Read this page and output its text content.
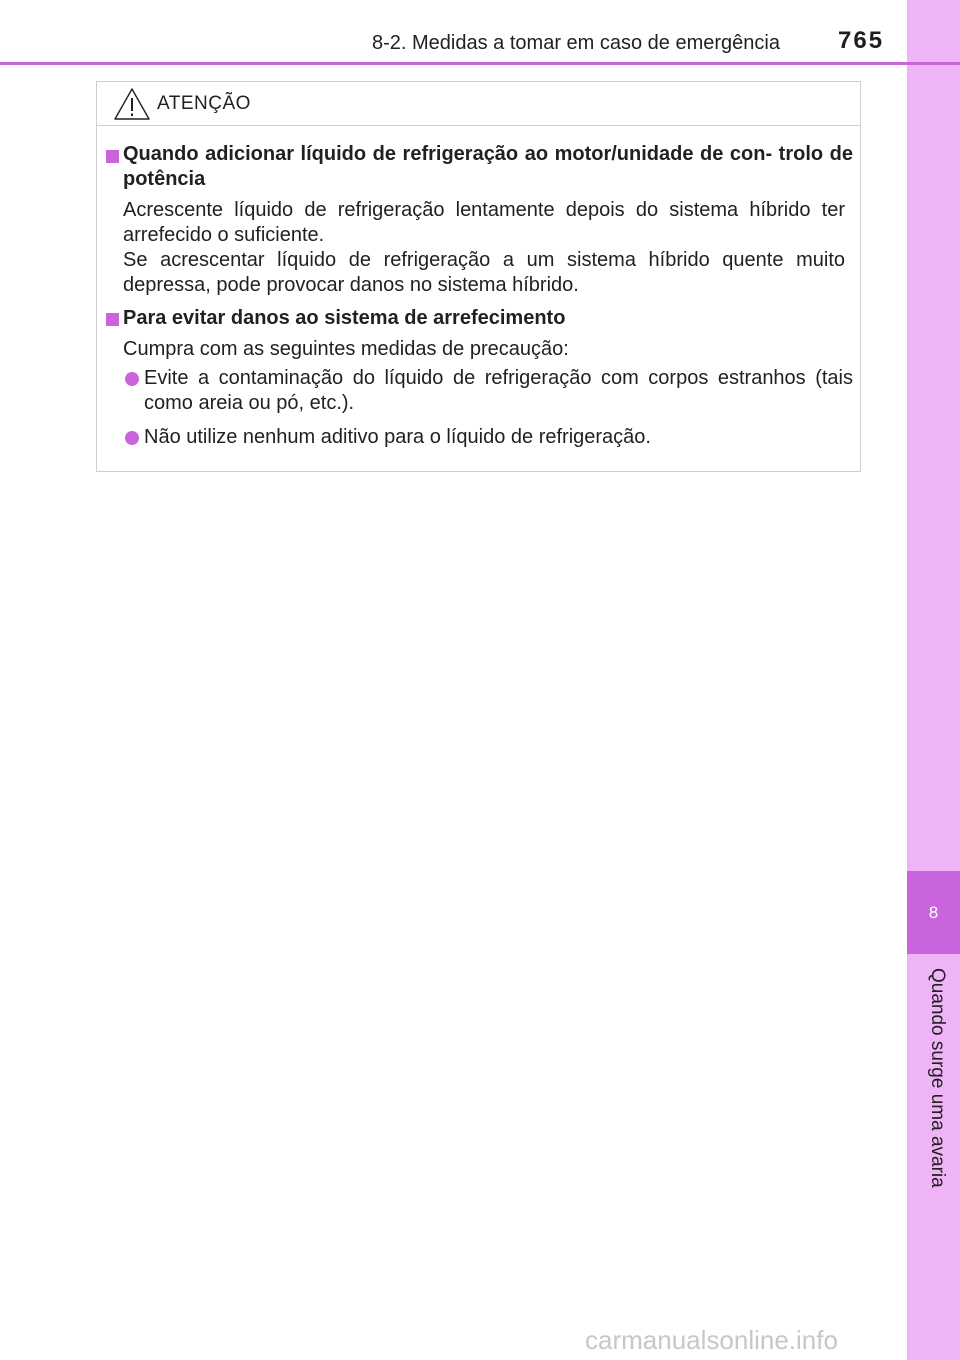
8
Quando surge uma avaria
8-2. Medidas a tomar em caso de emergência 765
ATENÇÃO
Quando adicionar líquido de refrigeração ao motor/unidade de con- trolo de potência
Acrescente líquido de refrigeração lentamente depois do sistema híbrido ter arrefecido o suficiente.
Se acrescentar líquido de refrigeração a um sistema híbrido quente muito depressa, pode provocar danos no sistema híbrido.
Para evitar danos ao sistema de arrefecimento
Cumpra com as seguintes medidas de precaução:
Evite a contaminação do líquido de refrigeração com corpos estranhos (tais como areia ou pó, etc.).
Não utilize nenhum aditivo para o líquido de refrigeração.
carmanualsonline.info
